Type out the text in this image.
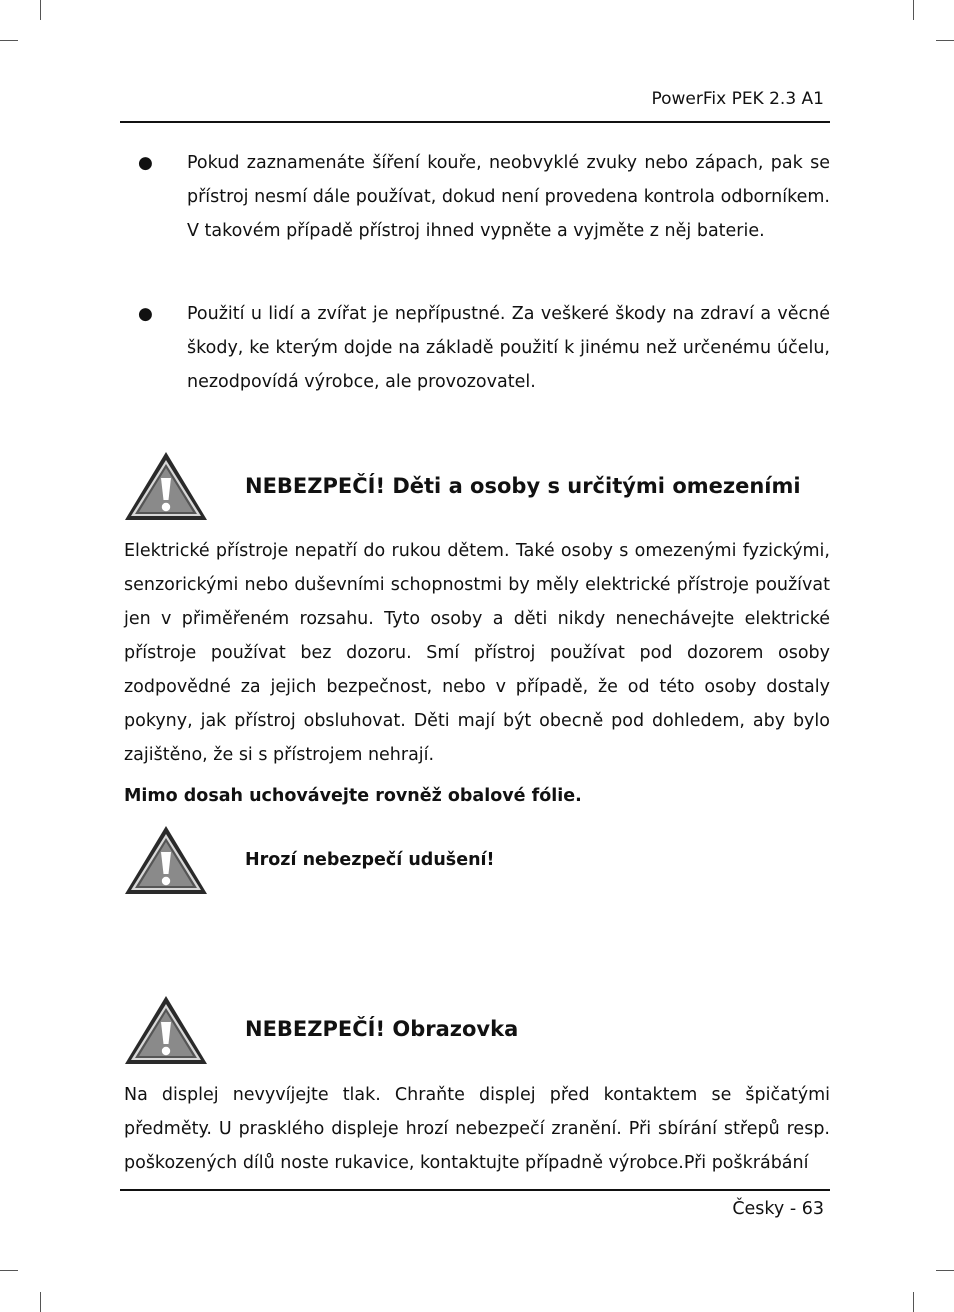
PowerFix PEK 2.3 A1
● Pokud zaznamenáte šíření kouře, neobvyklé zvuky nebo zápach, pak se přístroj nesmí dále používat, dokud není provedena kontrola odborníkem. V takovém případě přístroj ihned vypněte a vyjměte z něj baterie.
● Použití u lidí a zvířat je nepřípustné. Za veškeré škody na zdraví a věcné škody, ke kterým dojde na základě použití k jinému než určenému účelu, nezodpovídá výrobce, ale provozovatel.
NEBEZPEČÍ! Děti a osoby s určitými omezeními

Elektrické přístroje nepatří do rukou dětem. Také osoby s omezenými fyzickými, senzorickými nebo duševními schopnostmi by měly elektrické přístroje používat jen v přiměřeném rozsahu. Tyto osoby a děti nikdy nenechávejte elektrické přístroje používat bez dozoru. Smí přístroj používat pod dozorem osoby zodpovědné za jejich bezpečnost, nebo v případě, že od této osoby dostaly pokyny, jak přístroj obsluhovat. Děti mají být obecně pod dohledem, aby bylo zajištěno, že si s přístrojem nehrají.

Mimo dosah uchovávejte rovněž obalové fólie.
Hrozí nebezpečí udušení!
NEBEZPEČÍ! Obrazovka

Na displej nevyvíjejte tlak. Chraňte displej před kontaktem se špičatými předměty. U prasklého displeje hrozí nebezpečí zranění. Při sbírání střepů resp. poškozených dílů noste rukavice, kontaktujte případně výrobce.Při poškrábání

Česky - 63
